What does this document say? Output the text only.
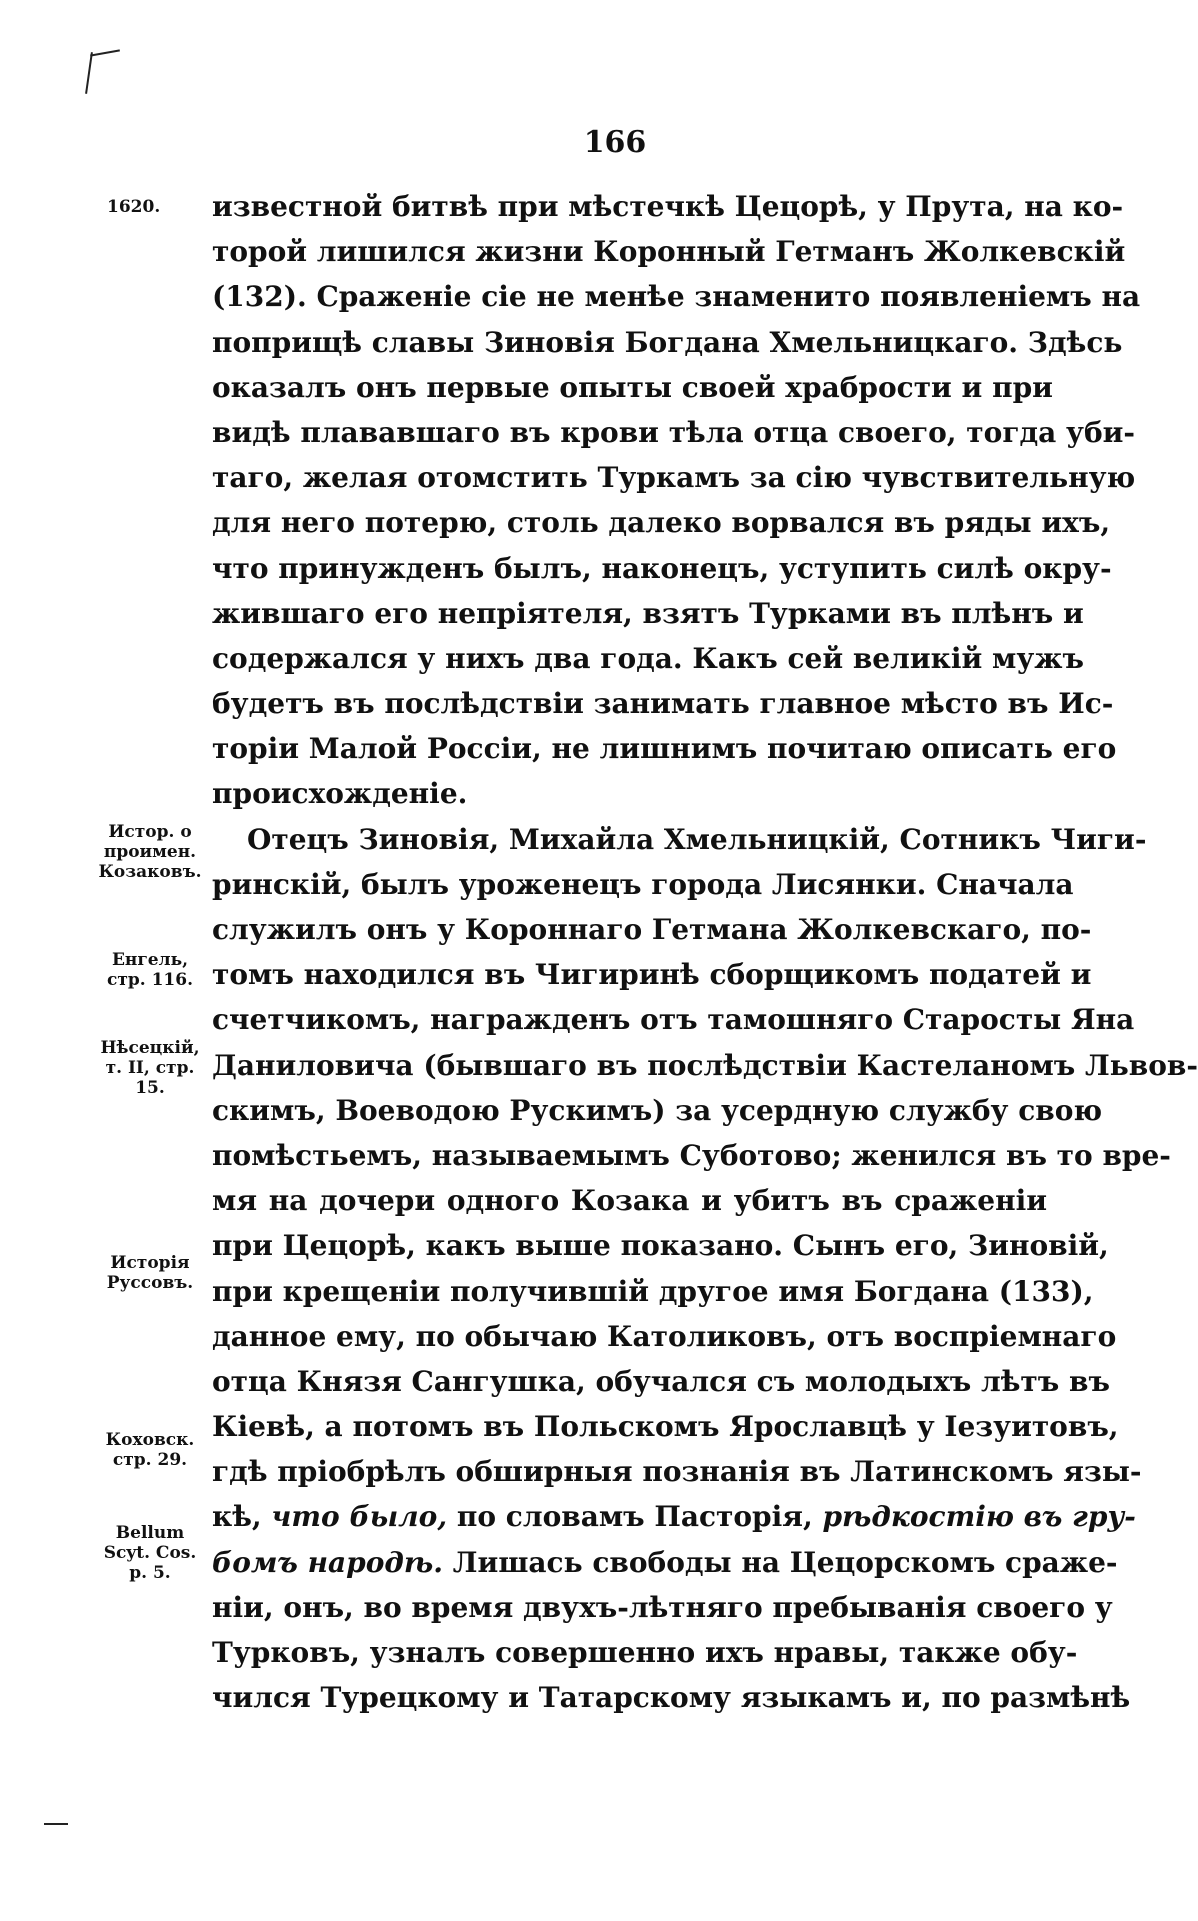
166
1620. известной битвѣ при мѣстечкѣ Цецорѣ, у Прута, на ко-
торой лишился жизни Коронный Гетманъ Жолкевскій
(132). Сраженіе сіе не менѣе знаменито появленіемъ на
поприщѣ славы Зиновія Богдана Хмельницкаго. Здѣсь
оказалъ онъ первые опыты своей храбрости и при
видѣ плававшаго въ крови тѣла отца своего, тогда уби-
таго, желая отомстить Туркамъ за сію чувствительную
для него потерю, столь далеко ворвался въ ряды ихъ,
что принужденъ былъ, наконецъ, уступить силѣ окру-
жившаго его непріятеля, взятъ Турками въ плѣнъ и
содержался у нихъ два года. Какъ сей великій мужъ
будетъ въ послѣдствіи занимать главное мѣсто въ Ис-
торіи Малой Россіи, не лишнимъ почитаю описать его
происхожденіе.
Отецъ Зиновія, Михайла Хмельницкій, Сотникъ Чиги-
ринскій, былъ уроженецъ города Лисянки. Сначала
служилъ онъ у Короннаго Гетмана Жолкевскаго, по-
томъ находился въ Чигиринѣ сборщикомъ податей и
счетчикомъ, награжденъ отъ тамошняго Старосты Яна
Даниловича (бывшаго въ послѣдствіи Кастеланомъ Львов-
скимъ, Воеводою Рускимъ) за усердную службу свою
помѣстьемъ, называемымъ Суботово; женился въ то вре-
мя на дочери одного Козака и убитъ въ сраженіи
при Цецорѣ, какъ выше показано. Сынъ его, Зиновій,
при крещеніи получившій другое имя Богдана (133),
данное ему, по обычаю Католиковъ, отъ воспріемнаго
отца Князя Сангушка, обучался съ молодыхъ лѣтъ въ
Кіевѣ, а потомъ въ Польскомъ Ярославцѣ у Іезуитовъ,
гдѣ пріобрѣлъ обширныя познанія въ Латинскомъ язы-
кѣ, что было, по словамъ Пасторія, рѣдкостію въ гру-
бомъ народѣ. Лишась свободы на Цецорскомъ сраже-
ніи, онъ, во время двухъ-лѣтняго пребыванія своего у
Турковъ, узналъ совершенно ихъ нравы, также обу-
чился Турецкому и Татарскому языкамъ и, по размѣнѣ
Истор. о
проимен.
Козаковъ.
Енгель,
стр. 116.
Нѣсецкій,
т. II, стр.
15.
Исторія
Руссовъ.
Коховск.
стр. 29.
Bellum
Scyt. Cos.
p. 5.
